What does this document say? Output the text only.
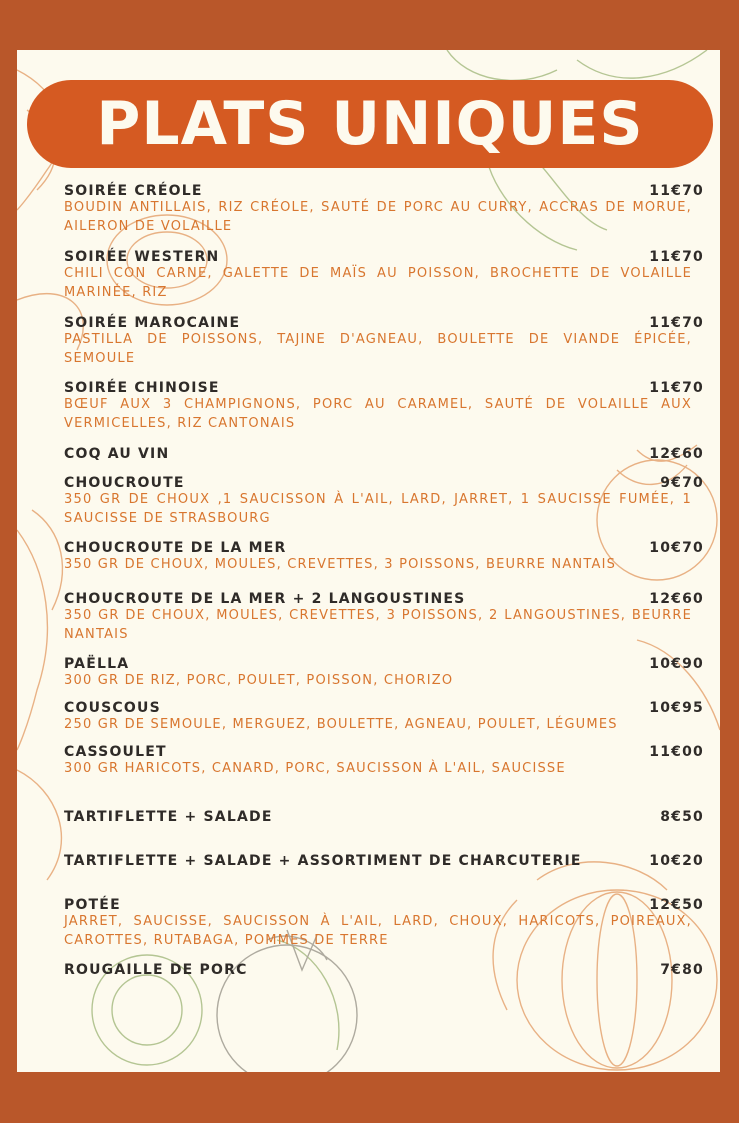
PLATS UNIQUES
SOIRÉE CRÉOLE	11€70
BOUDIN ANTILLAIS, RIZ CRÉOLE, SAUTÉ DE PORC AU CURRY, ACCRAS DE MORUE, AILERON DE VOLAILLE
SOIRÉE WESTERN	11€70
CHILI CON CARNE, GALETTE DE MAÏS AU POISSON, BROCHETTE DE VOLAILLE MARINÉE, RIZ
SOIRÉE MAROCAINE	11€70
PASTILLA DE POISSONS, TAJINE D'AGNEAU, BOULETTE DE VIANDE ÉPICÉE, SEMOULE
SOIRÉE CHINOISE	11€70
BŒUF AUX 3 CHAMPIGNONS, PORC AU CARAMEL, SAUTÉ DE VOLAILLE AUX VERMICELLES, RIZ CANTONAIS
COQ AU VIN	12€60
CHOUCROUTE	9€70
350 GR DE CHOUX ,1 SAUCISSON À L'AIL, LARD, JARRET, 1 SAUCISSE FUMÉE, 1 SAUCISSE DE STRASBOURG
CHOUCROUTE DE LA MER	10€70
350 GR DE CHOUX, MOULES, CREVETTES, 3 POISSONS, BEURRE NANTAIS
CHOUCROUTE DE LA MER + 2 LANGOUSTINES	12€60
350 GR DE CHOUX, MOULES, CREVETTES, 3 POISSONS, 2 LANGOUSTINES, BEURRE NANTAIS
PAËLLA	10€90
300 GR DE RIZ, PORC, POULET, POISSON, CHORIZO
COUSCOUS	10€95
250 GR DE SEMOULE, MERGUEZ, BOULETTE, AGNEAU, POULET, LÉGUMES
CASSOULET	11€00
300 GR HARICOTS, CANARD, PORC, SAUCISSON À L'AIL, SAUCISSE
TARTIFLETTE + SALADE	8€50
TARTIFLETTE + SALADE + ASSORTIMENT DE CHARCUTERIE	10€20
POTÉE	12€50
JARRET, SAUCISSE, SAUCISSON À L'AIL, LARD, CHOUX, HARICOTS, POIREAUX, CAROTTES, RUTABAGA, POMMES DE TERRE
ROUGAILLE DE PORC	7€80
